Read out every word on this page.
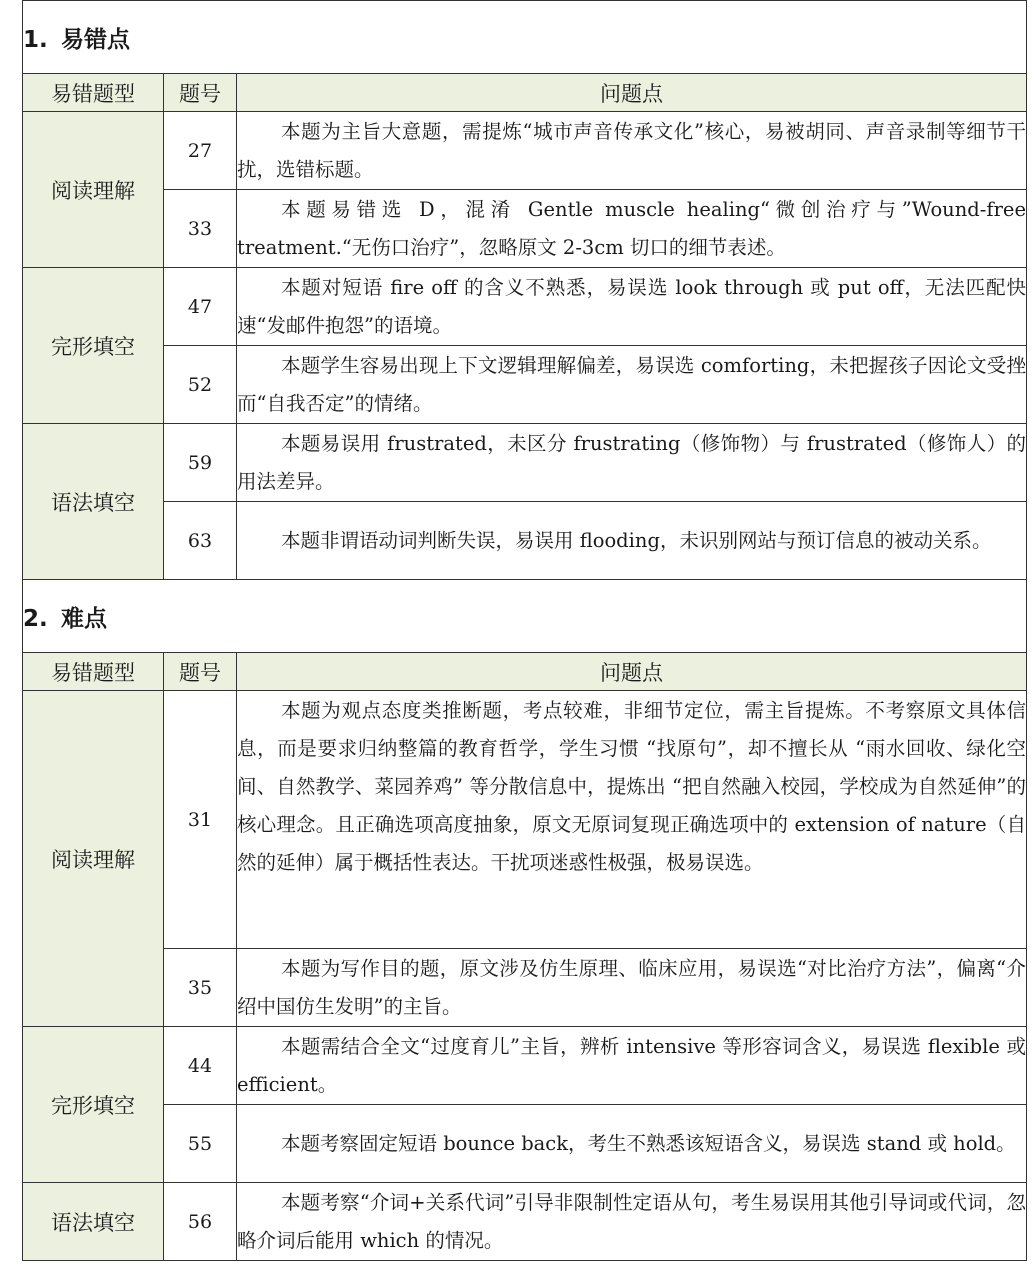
1. 易错点		
易错题型	题号	问题点
阅读理解	27	本题为主旨大意题，需提炼“城市声音传承文化”核心，易被胡同、声音录制等细节干扰，选错标题。
	33	本题易错选 D，混淆 Gentle muscle healing“微创治疗与”Wound-free treatment.“无伤口治疗”，忽略原文 2-3cm 切口的细节表述。
完形填空	47	本题对短语 fire off 的含义不熟悉，易误选 look through 或 put off，无法匹配快速“发邮件抱怨”的语境。
	52	本题学生容易出现上下文逻辑理解偏差，易误选 comforting，未把握孩子因论文受挫而“自我否定”的情绪。
语法填空	59	本题易误用 frustrated，未区分 frustrating（修饰物）与 frustrated（修饰人）的用法差异。
	63	本题非谓语动词判断失误，易误用 flooding，未识别网站与预订信息的被动关系。
2. 难点		
易错题型	题号	问题点
阅读理解	31	本题为观点态度类推断题，考点较难，非细节定位，需主旨提炼。不考察原文具体信息，而是要求归纳整篇的教育哲学，学生习惯 “找原句”，却不擅长从 “雨水回收、绿化空间、自然教学、菜园养鸡” 等分散信息中，提炼出 “把自然融入校园，学校成为自然延伸”的核心理念。且正确选项高度抽象，原文无原词复现正确选项中的 extension of nature（自然的延伸）属于概括性表达。干扰项迷惑性极强，极易误选。
	35	本题为写作目的题，原文涉及仿生原理、临床应用，易误选“对比治疗方法”，偏离“介绍中国仿生发明”的主旨。
完形填空	44	本题需结合全文“过度育儿”主旨，辨析 intensive 等形容词含义，易误选 flexible 或 efficient。
	55	本题考察固定短语 bounce back，考生不熟悉该短语含义，易误选 stand 或 hold。
语法填空	56	本题考察“介词+关系代词”引导非限制性定语从句，考生易误用其他引导词或代词，忽略介词后能用 which 的情况。
